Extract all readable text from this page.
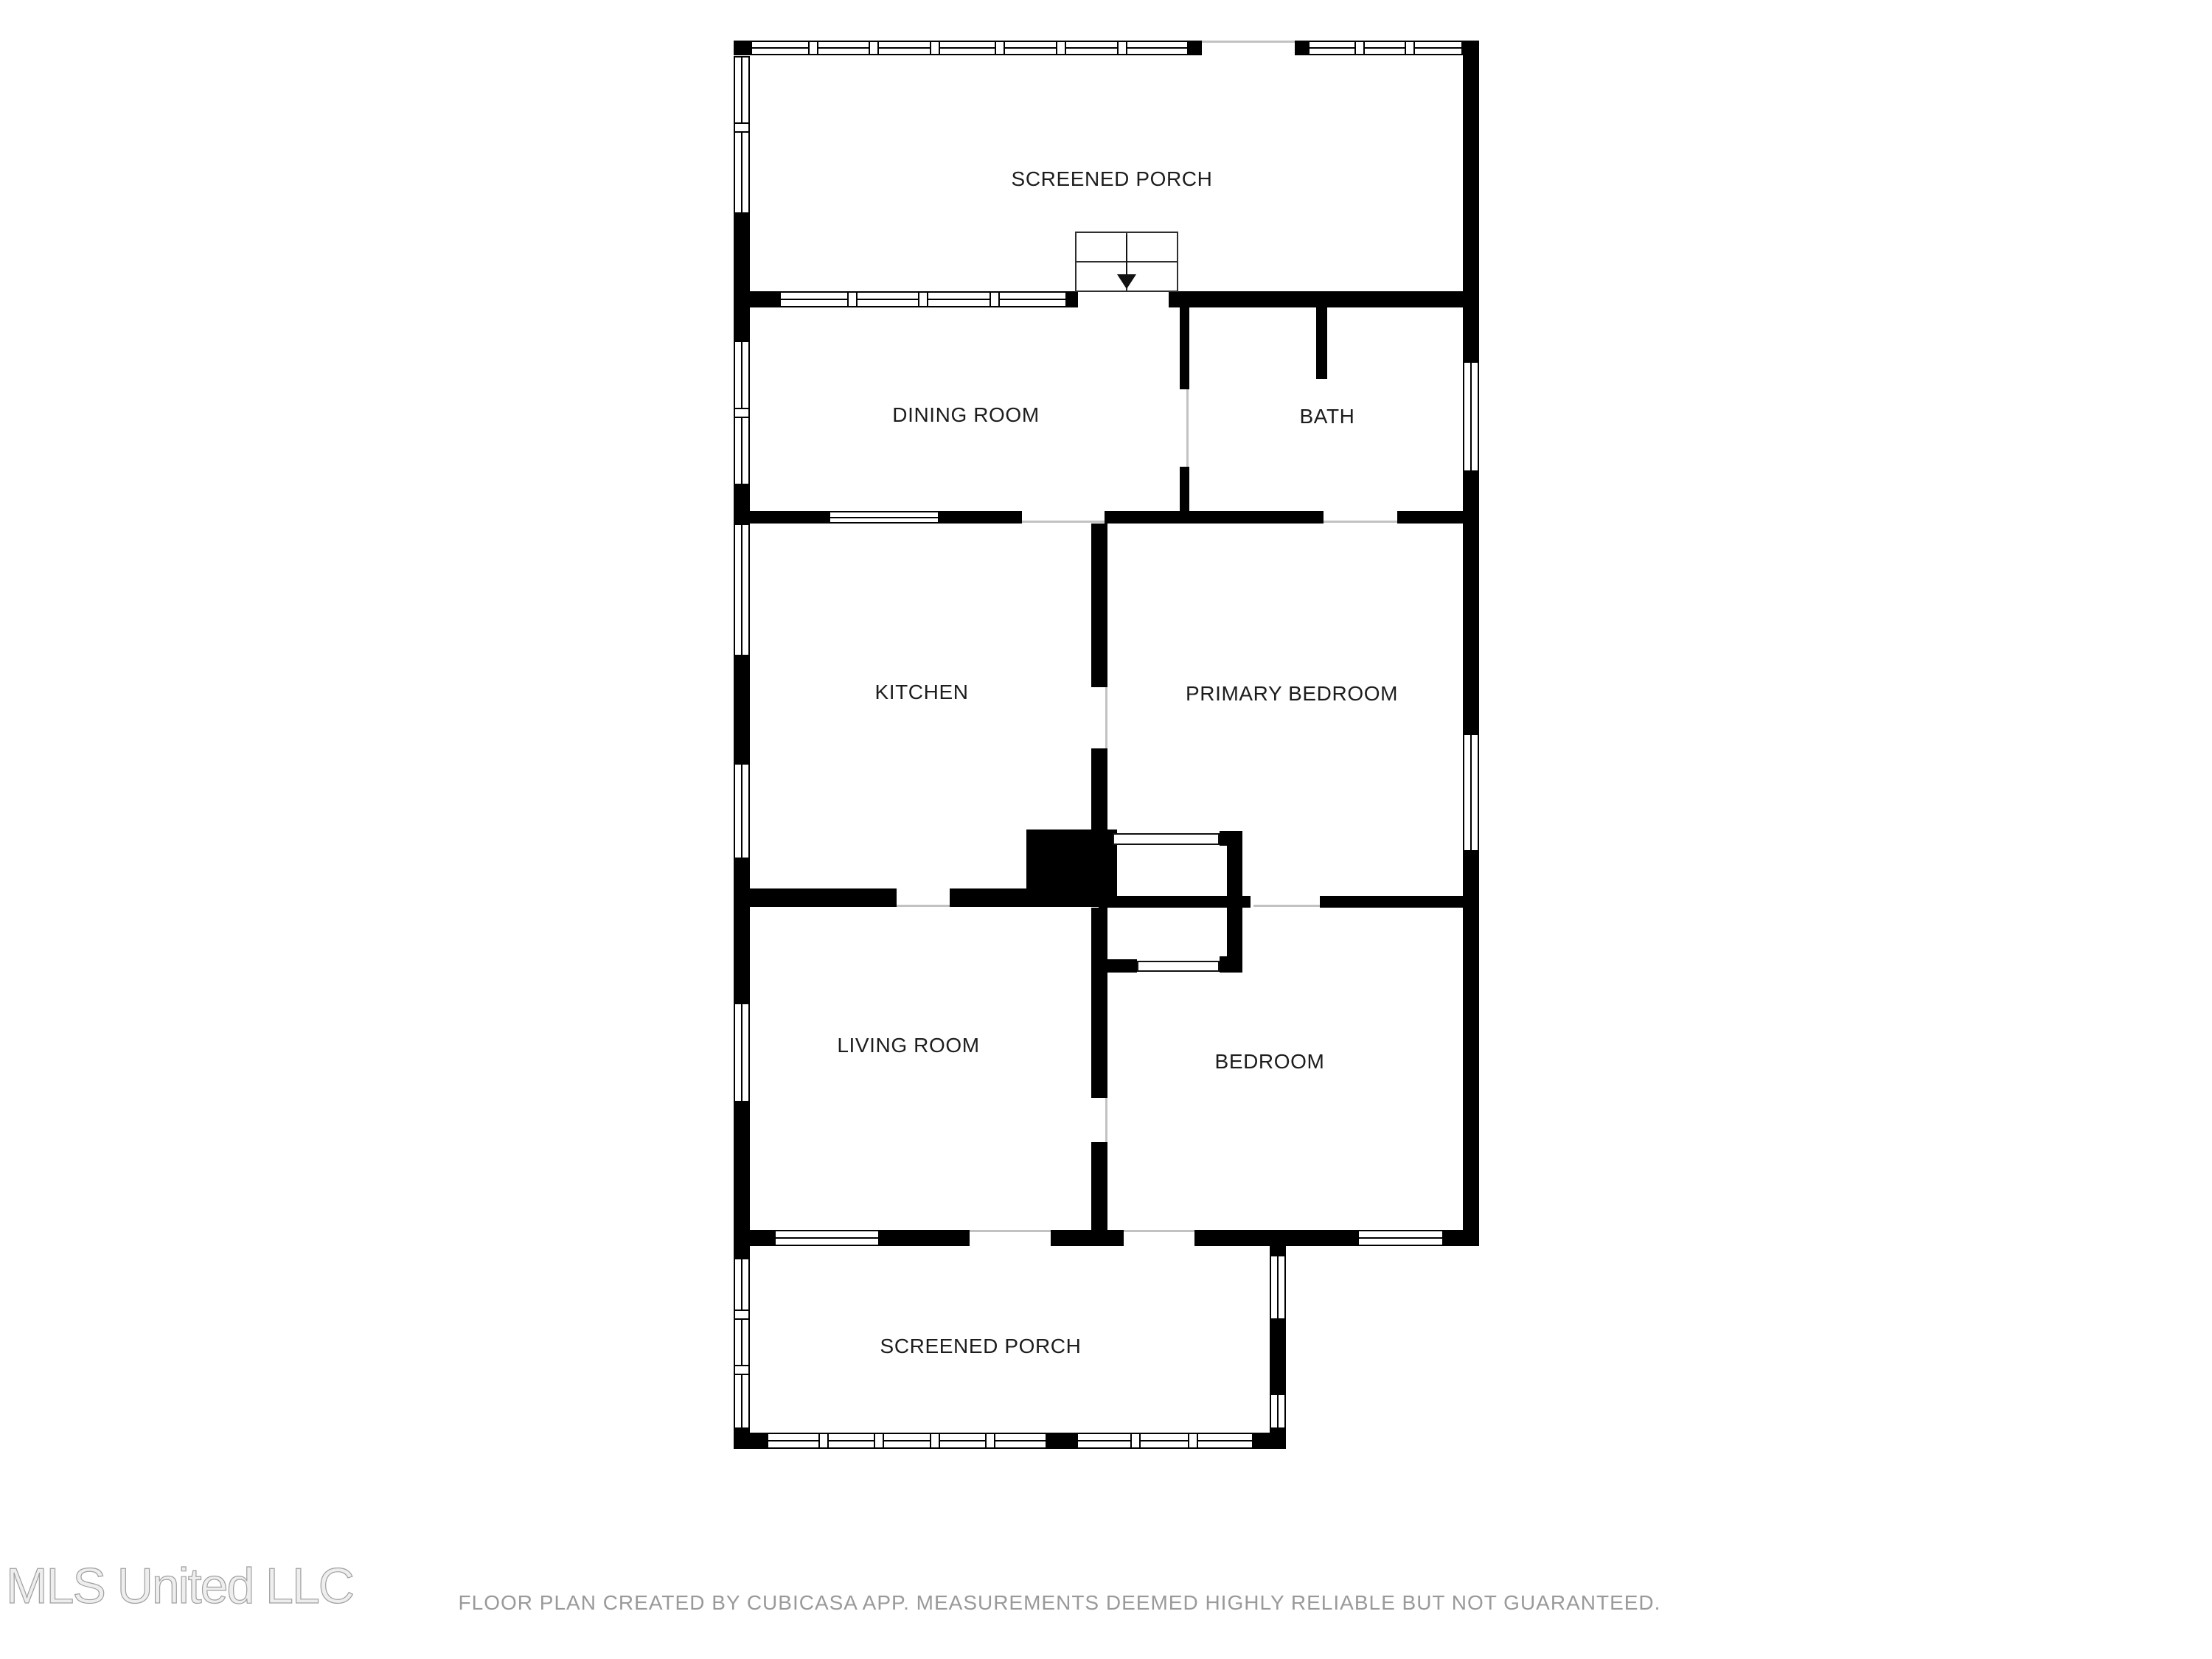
MLS United LLC	FLOOR PLAN CREATED BY CUBICASA APP. MEASUREMENTS DEEMED HIGHLY RELIABLE BUT NOT GUARANTEED.
SCREENED PORCH
DINING ROOM	BATH
KITCHEN	PRIMARY BEDROOM
LIVING ROOM
BEDROOM
SCREENED PORCH
